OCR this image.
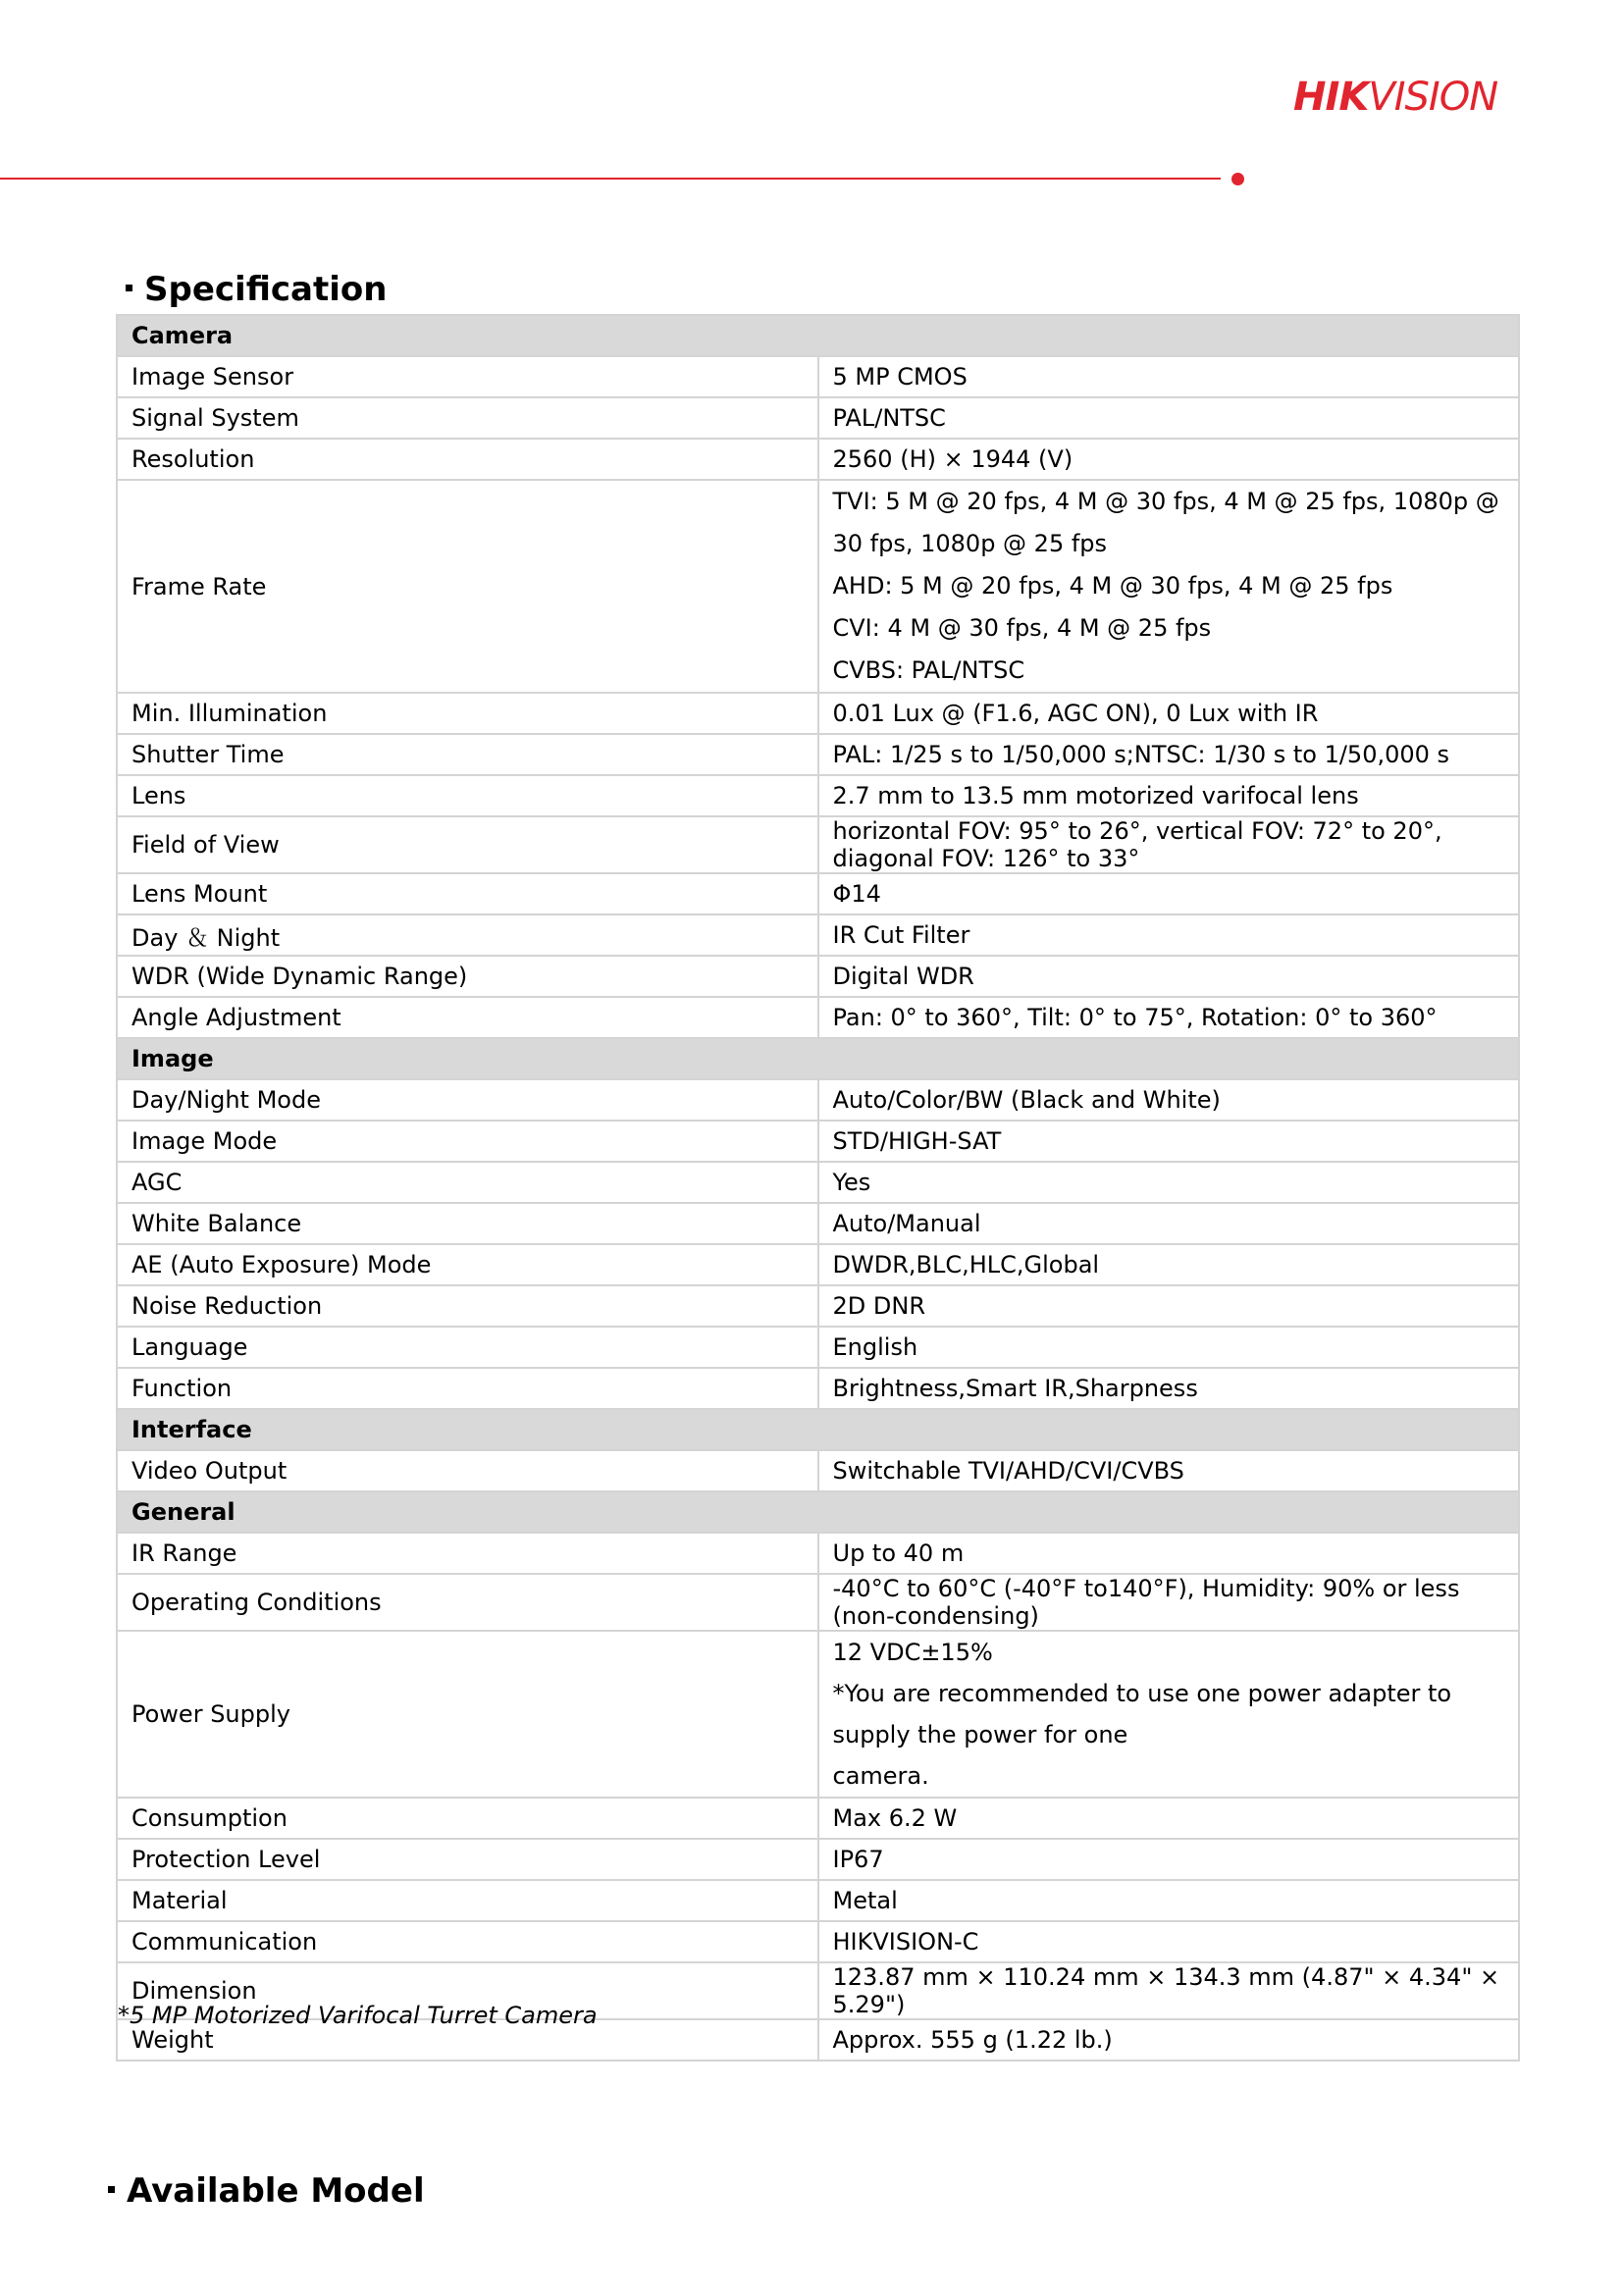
HIKVISION
Specification
Camera	
Image Sensor	5 MP CMOS
Signal System	PAL/NTSC
Resolution	2560 (H) × 1944 (V)
Frame Rate	TVI: 5 M @ 20 fps, 4 M @ 30 fps, 4 M @ 25 fps, 1080p @ 30 fps, 1080p @ 25 fps
AHD: 5 M @ 20 fps, 4 M @ 30 fps, 4 M @ 25 fps
CVI: 4 M @ 30 fps, 4 M @ 25 fps
CVBS: PAL/NTSC

Min. Illumination	0.01 Lux @ (F1.6, AGC ON), 0 Lux with IR
Shutter Time	PAL: 1/25 s to 1/50,000 s;NTSC: 1/30 s to 1/50,000 s
Lens	2.7 mm to 13.5 mm motorized varifocal lens
Field of View	horizontal FOV: 95° to 26°, vertical FOV: 72° to 20°, diagonal FOV: 126° to 33°
Lens Mount	Φ14
Day ＆ Night	IR Cut Filter
WDR (Wide Dynamic Range)	Digital WDR
Angle Adjustment	Pan: 0° to 360°, Tilt: 0° to 75°, Rotation: 0° to 360°
Image	
Day/Night Mode	Auto/Color/BW (Black and White)
Image Mode	STD/HIGH-SAT
AGC	Yes
White Balance	Auto/Manual
AE (Auto Exposure) Mode	DWDR,BLC,HLC,Global
Noise Reduction	2D DNR
Language	English
Function	Brightness,Smart IR,Sharpness
Interface	
Video Output	Switchable TVI/AHD/CVI/CVBS
General	
IR Range	Up to 40 m
Operating Conditions	-40°C to 60°C (-40°F to140°F), Humidity: 90% or less (non-condensing)
Power Supply	12 VDC±15%
*You are recommended to use one power adapter to supply the power for one
camera.

Consumption	Max 6.2 W
Protection Level	IP67
Material	Metal
Communication	HIKVISION-C
Dimension	123.87 mm × 110.24 mm × 134.3 mm (4.87" × 4.34" × 5.29")
Weight	Approx. 555 g (1.22 lb.)
*5 MP Motorized Varifocal Turret Camera
Available Model
